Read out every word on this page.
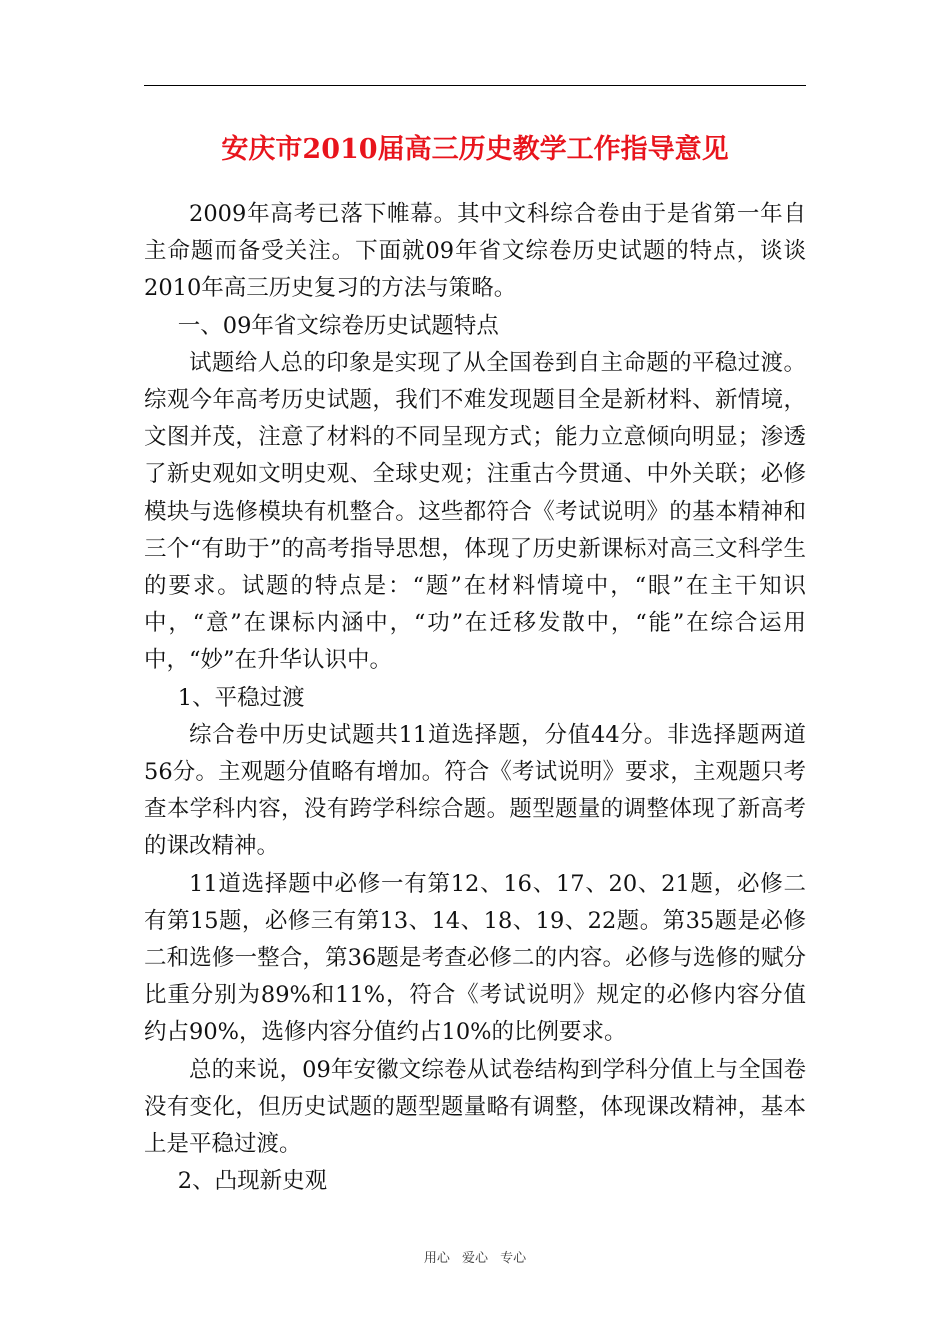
安庆市2010届高三历史教学工作指导意见

2009年高考已落下帷幕。其中文科综合卷由于是省第一年自主命题而备受关注。下面就09年省文综卷历史试题的特点，谈谈2010年高三历史复习的方法与策略。

一、09年省文综卷历史试题特点

试题给人总的印象是实现了从全国卷到自主命题的平稳过渡。综观今年高考历史试题，我们不难发现题目全是新材料、新情境，文图并茂，注意了材料的不同呈现方式；能力立意倾向明显；渗透了新史观如文明史观、全球史观；注重古今贯通、中外关联；必修模块与选修模块有机整合。这些都符合《考试说明》的基本精神和三个“有助于”的高考指导思想，体现了历史新课标对高三文科学生的要求。试题的特点是：“题”在材料情境中，“眼”在主干知识中，“意”在课标内涵中，“功”在迁移发散中，“能”在综合运用中，“妙”在升华认识中。

1、平稳过渡

综合卷中历史试题共11道选择题，分值44分。非选择题两道56分。主观题分值略有增加。符合《考试说明》要求，主观题只考查本学科内容，没有跨学科综合题。题型题量的调整体现了新高考的课改精神。

11道选择题中必修一有第12、16、17、20、21题，必修二有第15题，必修三有第13、14、18、19、22题。第35题是必修二和选修一整合，第36题是考查必修二的内容。必修与选修的赋分比重分别为89%和11%，符合《考试说明》规定的必修内容分值约占90%，选修内容分值约占10%的比例要求。

总的来说，09年安徽文综卷从试卷结构到学科分值上与全国卷没有变化，但历史试题的题型题量略有调整，体现课改精神，基本上是平稳过渡。

2、凸现新史观

用心 爱心 专心
